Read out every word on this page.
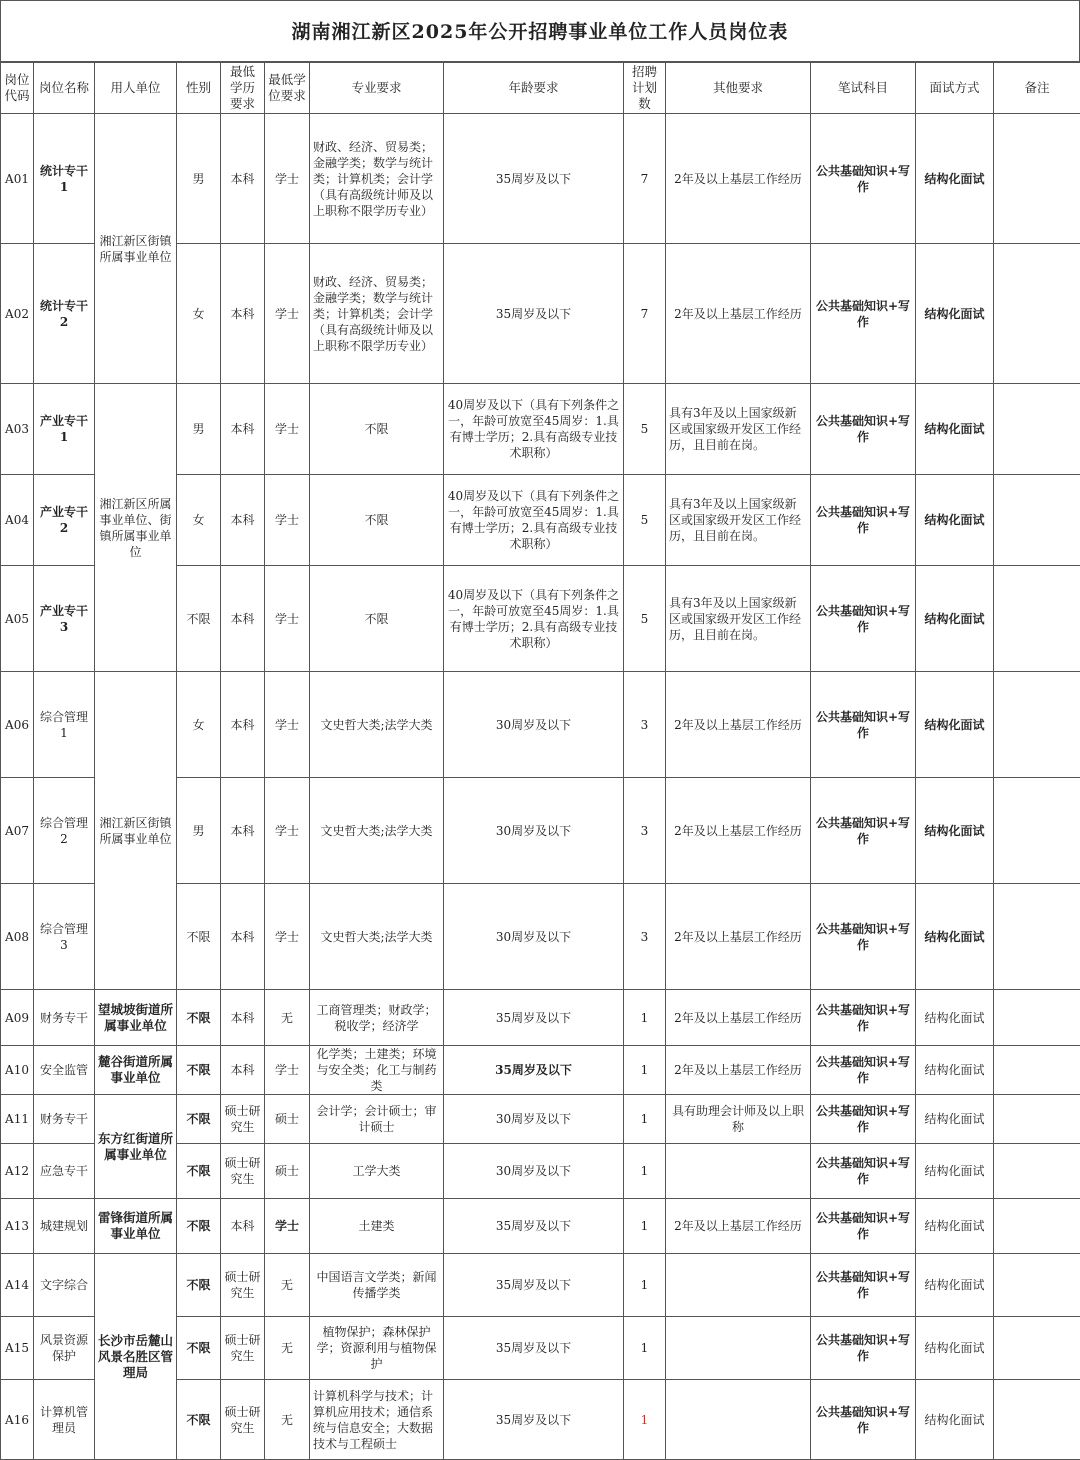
湖南湘江新区2025年公开招聘事业单位工作人员岗位表
岗位代码	岗位名称	用人单位	性别	最低学历要求	最低学位要求	专业要求	年龄要求	招聘计划数	其他要求	笔试科目	面试方式	备注
A01	统计专干1	湘江新区街镇所属事业单位	男	本科	学士	财政、经济、贸易类；金融学类；数学与统计类；计算机类；会计学（具有高级统计师及以上职称不限学历专业）	35周岁及以下	7	2年及以上基层工作经历	公共基础知识+写作	结构化面试	
A02	统计专干2		女	本科	学士	财政、经济、贸易类；金融学类；数学与统计类；计算机类；会计学（具有高级统计师及以上职称不限学历专业）	35周岁及以下	7	2年及以上基层工作经历	公共基础知识+写作	结构化面试	
A03	产业专干1	湘江新区所属事业单位、街镇所属事业单位	男	本科	学士	不限	40周岁及以下（具有下列条件之一，年龄可放宽至45周岁：1.具有博士学历；2.具有高级专业技术职称）	5	具有3年及以上国家级新区或国家级开发区工作经历，且目前在岗。	公共基础知识+写作	结构化面试	
A04	产业专干2		女	本科	学士	不限	40周岁及以下（具有下列条件之一，年龄可放宽至45周岁：1.具有博士学历；2.具有高级专业技术职称）	5	具有3年及以上国家级新区或国家级开发区工作经历，且目前在岗。	公共基础知识+写作	结构化面试	
A05	产业专干3		不限	本科	学士	不限	40周岁及以下（具有下列条件之一，年龄可放宽至45周岁：1.具有博士学历；2.具有高级专业技术职称）	5	具有3年及以上国家级新区或国家级开发区工作经历，且目前在岗。	公共基础知识+写作	结构化面试	
A06	综合管理1	湘江新区街镇所属事业单位	女	本科	学士	文史哲大类;法学大类	30周岁及以下	3	2年及以上基层工作经历	公共基础知识+写作	结构化面试	
A07	综合管理2		男	本科	学士	文史哲大类;法学大类	30周岁及以下	3	2年及以上基层工作经历	公共基础知识+写作	结构化面试	
A08	综合管理3		不限	本科	学士	文史哲大类;法学大类	30周岁及以下	3	2年及以上基层工作经历	公共基础知识+写作	结构化面试	
A09	财务专干	望城坡街道所属事业单位	不限	本科	无	工商管理类；财政学；税收学；经济学	35周岁及以下	1	2年及以上基层工作经历	公共基础知识+写作	结构化面试	
A10	安全监管	麓谷街道所属事业单位	不限	本科	学士	化学类；土建类；环境与安全类；化工与制药类	35周岁及以下	1	2年及以上基层工作经历	公共基础知识+写作	结构化面试	
A11	财务专干	东方红街道所属事业单位	不限	硕士研究生	硕士	会计学；会计硕士；审计硕士	30周岁及以下	1	具有助理会计师及以上职称	公共基础知识+写作	结构化面试	
A12	应急专干		不限	硕士研究生	硕士	工学大类	30周岁及以下	1		公共基础知识+写作	结构化面试	
A13	城建规划	雷锋街道所属事业单位	不限	本科	学士	土建类	35周岁及以下	1	2年及以上基层工作经历	公共基础知识+写作	结构化面试	
A14	文字综合	长沙市岳麓山风景名胜区管理局	不限	硕士研究生	无	中国语言文学类；新闻传播学类	35周岁及以下	1		公共基础知识+写作	结构化面试	
A15	风景资源保护		不限	硕士研究生	无	植物保护；森林保护学；资源利用与植物保护	35周岁及以下	1		公共基础知识+写作	结构化面试	
A16	计算机管理员		不限	硕士研究生	无	计算机科学与技术；计算机应用技术；通信系统与信息安全；大数据技术与工程硕士	35周岁及以下	1		公共基础知识+写作	结构化面试	
